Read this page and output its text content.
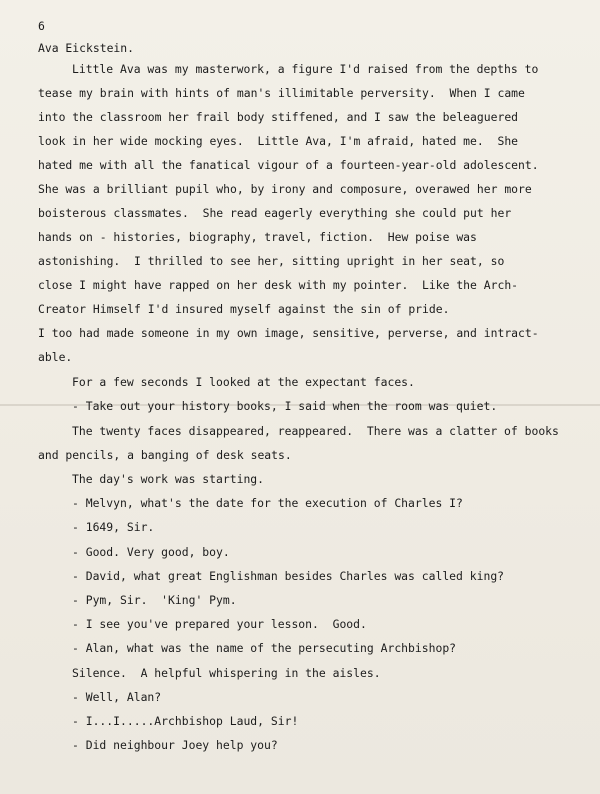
6
Ava Eickstein.
Little Ava was my masterwork, a figure I'd raised from the depths to
tease my brain with hints of man's illimitable perversity.  When I came
into the classroom her frail body stiffened, and I saw the beleaguered
look in her wide mocking eyes.  Little Ava, I'm afraid, hated me.  She
hated me with all the fanatical vigour of a fourteen-year-old adolescent.
She was a brilliant pupil who, by irony and composure, overawed her more
boisterous classmates.  She read eagerly everything she could put her
hands on - histories, biography, travel, fiction.  Hew poise was
astonishing.  I thrilled to see her, sitting upright in her seat, so
close I might have rapped on her desk with my pointer.  Like the Arch-
Creator Himself I'd insured myself against the sin of pride.
I too had made someone in my own image, sensitive, perverse, and intract-
able.
For a few seconds I looked at the expectant faces.
- Take out your history books, I said when the room was quiet.
The twenty faces disappeared, reappeared.  There was a clatter of books
and pencils, a banging of desk seats.
The day's work was starting.
- Melvyn, what's the date for the execution of Charles I?
- 1649, Sir.
- Good. Very good, boy.
- David, what great Englishman besides Charles was called king?
- Pym, Sir.  'King' Pym.
- I see you've prepared your lesson.  Good.
- Alan, what was the name of the persecuting Archbishop?
Silence.  A helpful whispering in the aisles.
- Well, Alan?
- I...I.....Archbishop Laud, Sir!
- Did neighbour Joey help you?
